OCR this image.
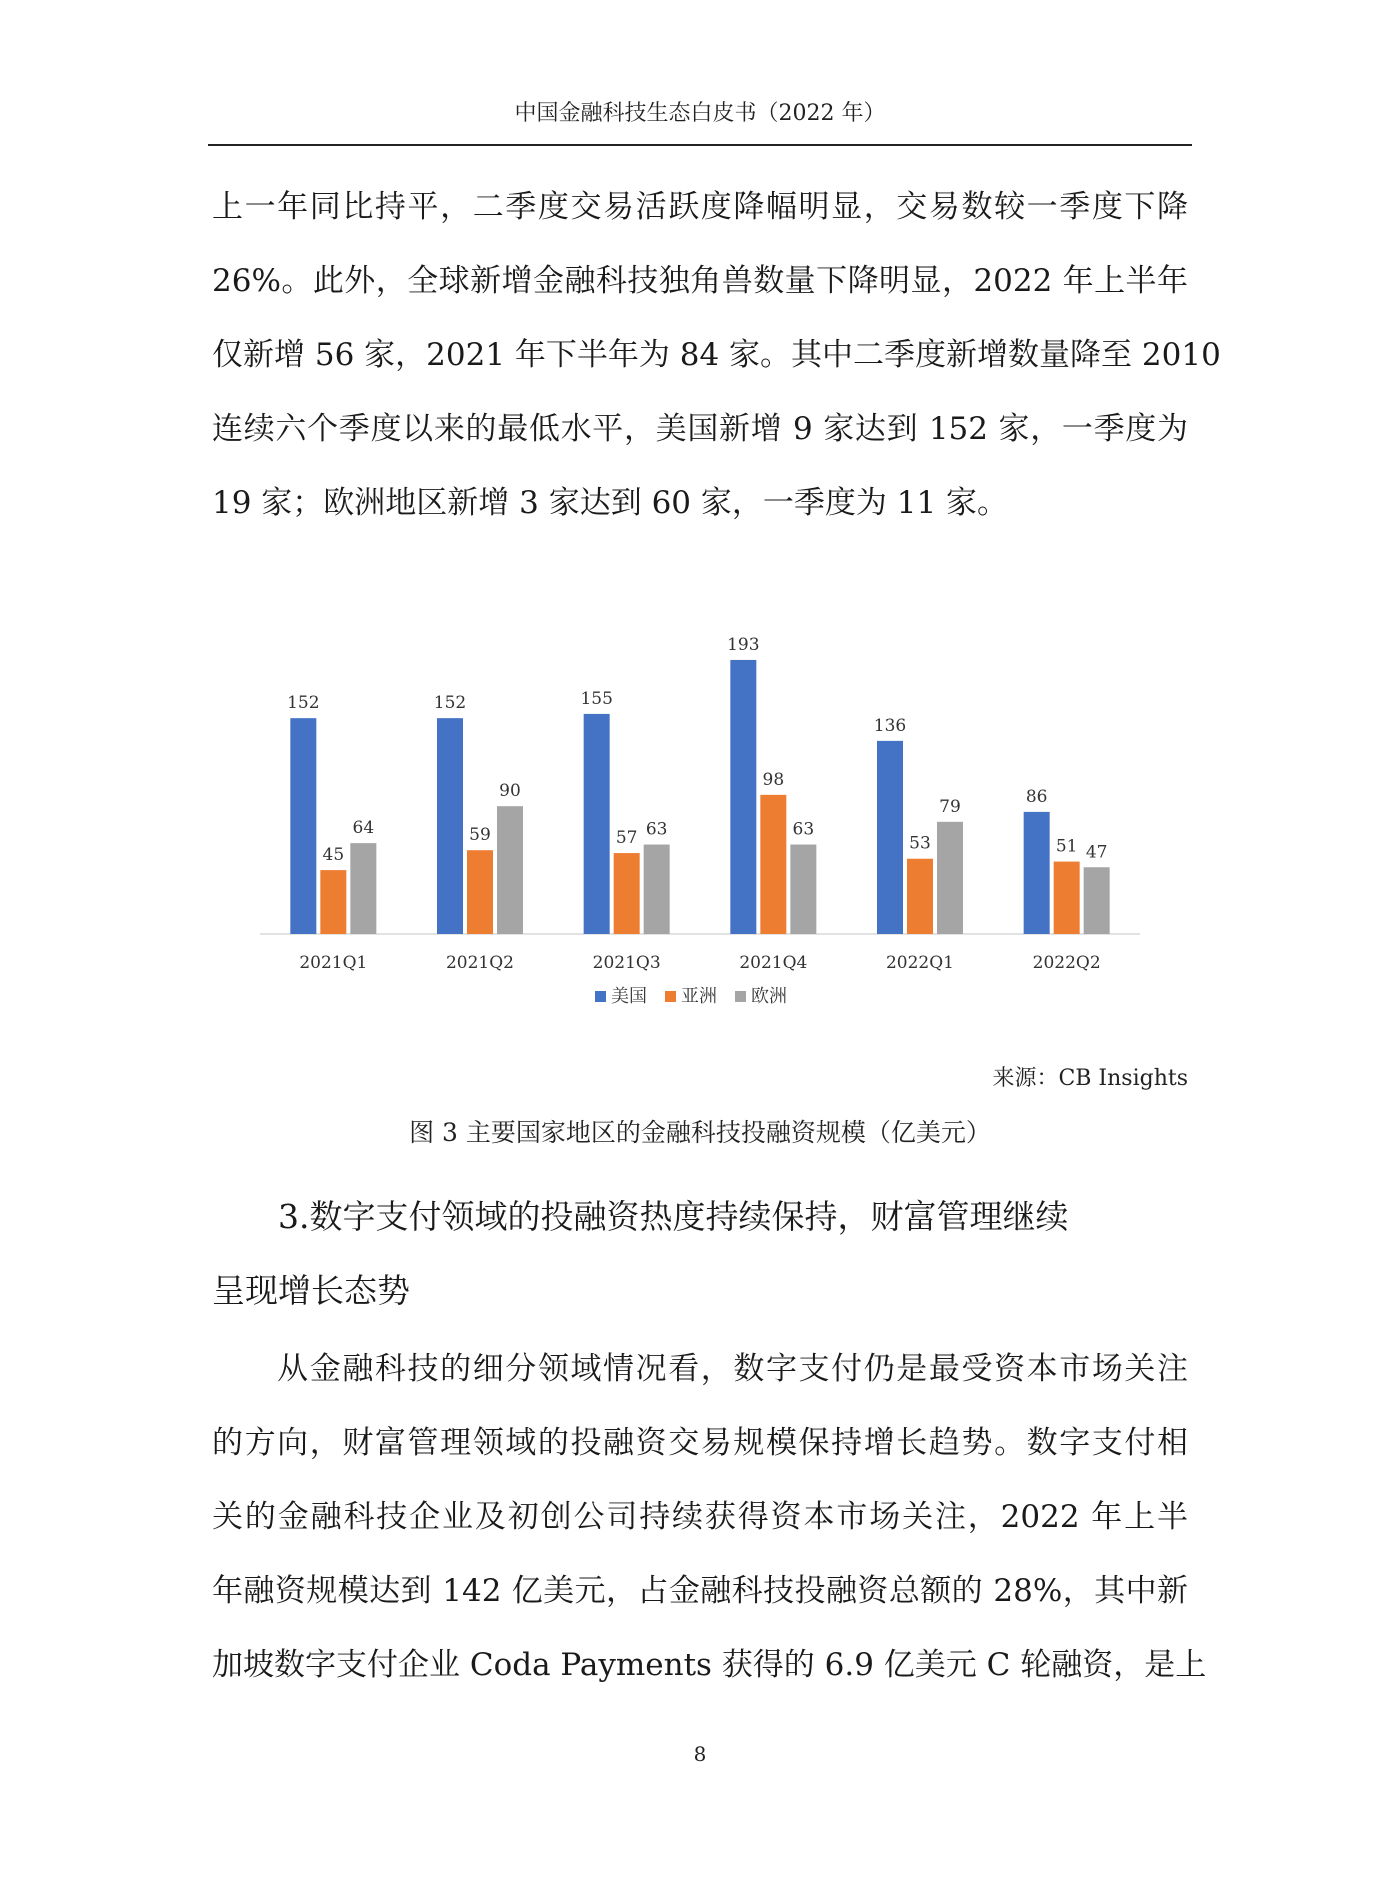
中国金融科技生态白皮书（2022 年）
上一年同比持平，二季度交易活跃度降幅明显，交易数较一季度下降
26%。此外，全球新增金融科技独角兽数量下降明显，2022 年上半年
仅新增 56 家，2021 年下半年为 84 家。其中二季度新增数量降至 2010
连续六个季度以来的最低水平，美国新增 9 家达到 152 家，一季度为
19 家；欧洲地区新增 3 家达到 60 家，一季度为 11 家。
152
45
64
2021Q1
152
59
90
2021Q2
155
57 63
2021Q3
193
98
63
2021Q4
136
53
79
2022Q1
86
51 47
2022Q2
美国 亚洲 欧洲
来源：CB Insights
图 3 主要国家地区的金融科技投融资规模（亿美元）
3.数字支付领域的投融资热度持续保持，财富管理继续
呈现增长态势
　　从金融科技的细分领域情况看，数字支付仍是最受资本市场关注
的方向，财富管理领域的投融资交易规模保持增长趋势。数字支付相
关的金融科技企业及初创公司持续获得资本市场关注，2022 年上半
年融资规模达到 142 亿美元，占金融科技投融资总额的 28%，其中新
加坡数字支付企业 Coda Payments 获得的 6.9 亿美元 C 轮融资，是上
8
